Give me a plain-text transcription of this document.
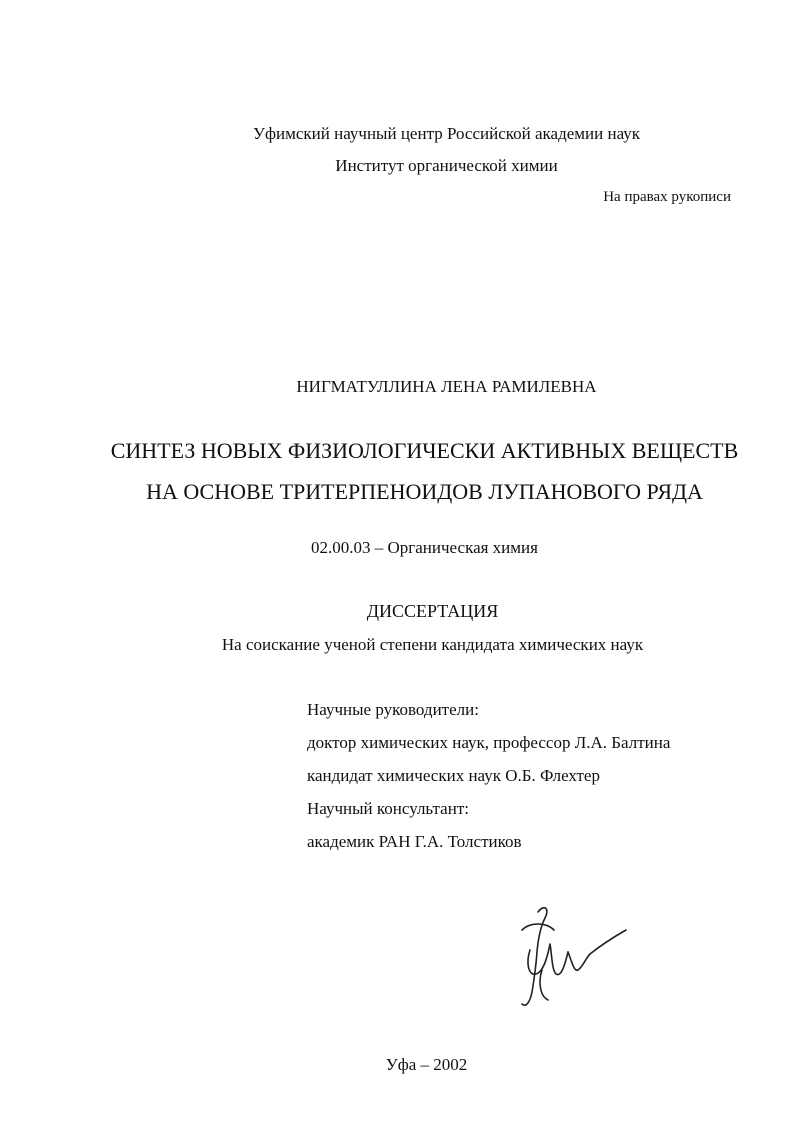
Уфимский научный центр Российской академии наук
Институт органической химии
На правах рукописи
НИГМАТУЛЛИНА ЛЕНА РАМИЛЕВНА
СИНТЕЗ НОВЫХ ФИЗИОЛОГИЧЕСКИ АКТИВНЫХ ВЕЩЕСТВ
НА ОСНОВЕ ТРИТЕРПЕНОИДОВ ЛУПАНОВОГО РЯДА
02.00.03 – Органическая химия
ДИССЕРТАЦИЯ
На соискание ученой степени кандидата химических наук
Научные руководители:
доктор химических наук, профессор Л.А. Балтина
кандидат химических наук О.Б. Флехтер
Научный консультант:
академик РАН Г.А. Толстиков
Уфа – 2002
